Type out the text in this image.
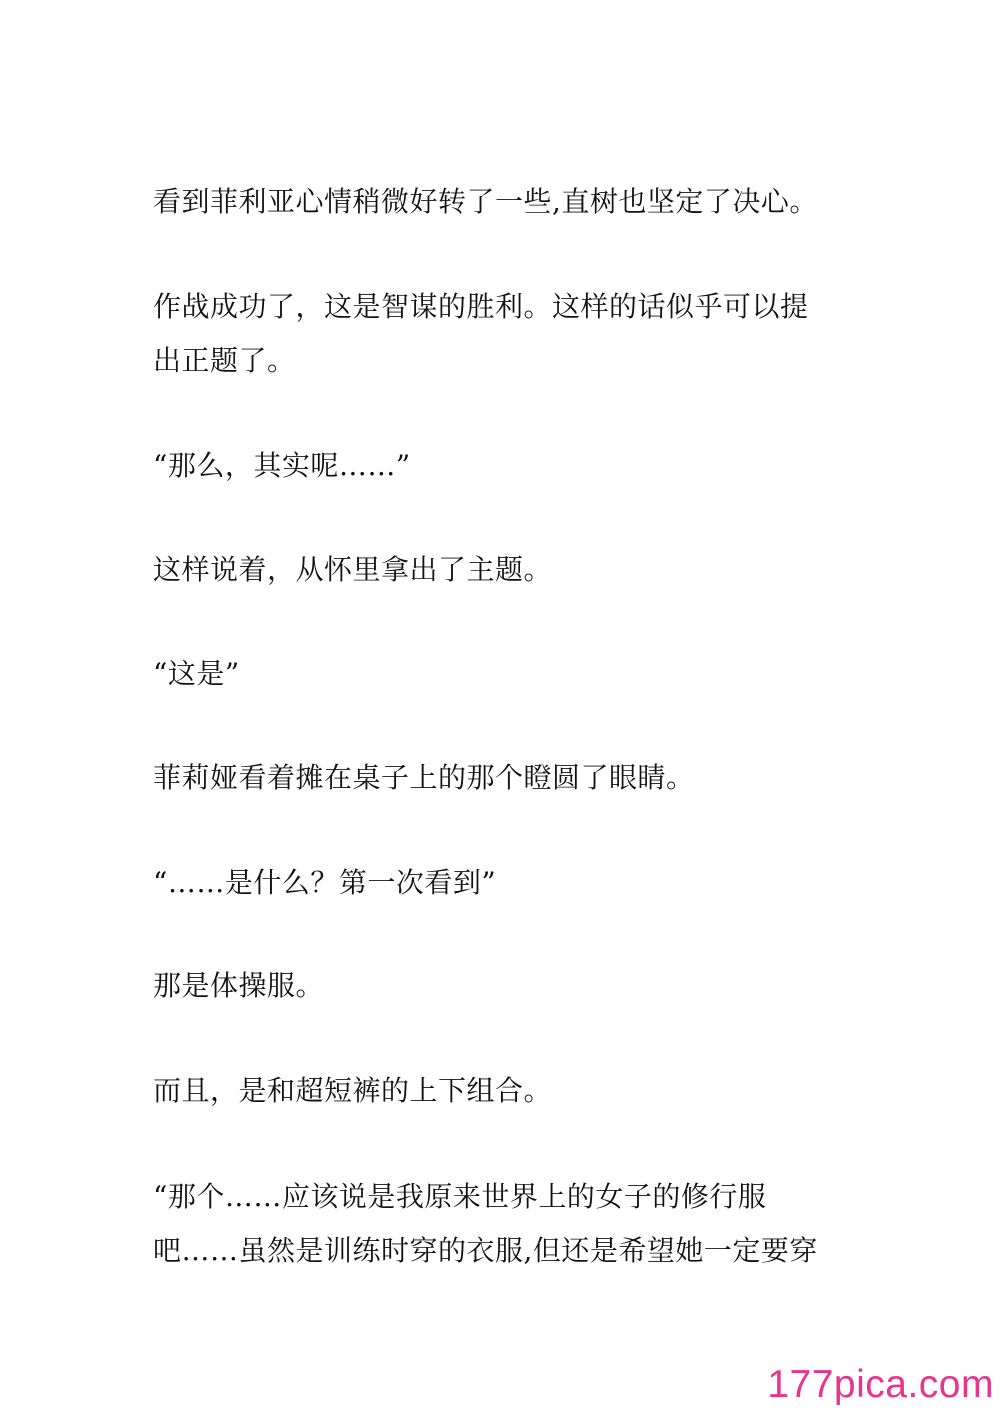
看到菲利亚心情稍微好转了一些,直树也坚定了决心。

作战成功了，这是智谋的胜利。这样的话似乎可以提
出正题了。

“那么，其实呢……”

这样说着，从怀里拿出了主题。

“这是”

菲莉娅看着摊在桌子上的那个瞪圆了眼睛。

“……是什么？第一次看到”

那是体操服。

而且，是和超短裤的上下组合。

“那个……应该说是我原来世界上的女子的修行服
吧……虽然是训练时穿的衣服,但还是希望她一定要穿

177pica.com
